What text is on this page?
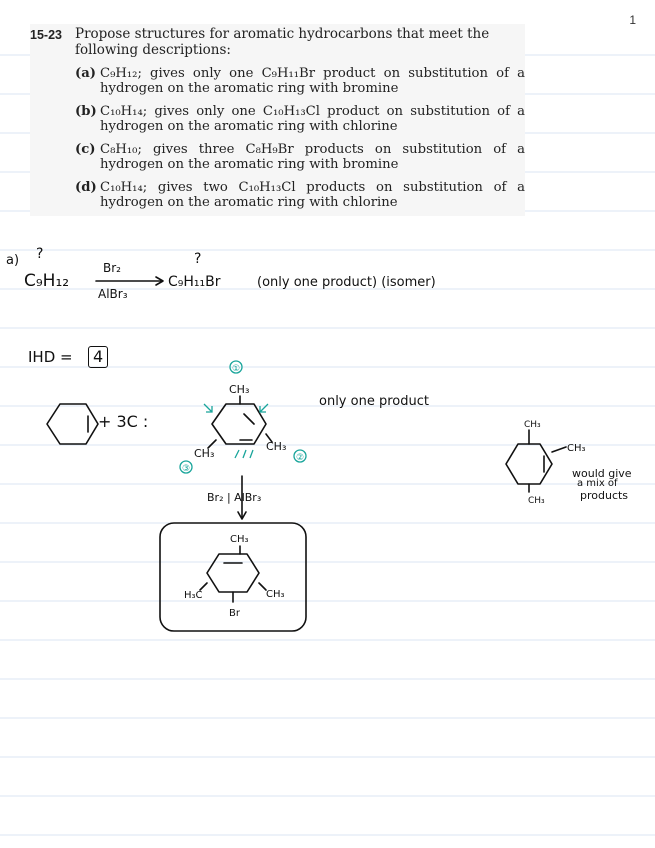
1
15-23 Propose structures for aromatic hydrocarbons that meet the following descriptions:
(a) C₉H₁₂; gives only one C₉H₁₁Br product on substitution of a hydrogen on the aromatic ring with bromine
(b) C₁₀H₁₄; gives only one C₁₀H₁₃Cl product on substitution of a hydrogen on the aromatic ring with chlorine
(c) C₈H₁₀; gives three C₈H₉Br products on substitution of a hydrogen on the aromatic ring with bromine
(d) C₁₀H₁₄; gives two C₁₀H₁₃Cl products on substitution of a hydrogen on the aromatic ring with chlorine
a) ?	?
C₉H₁₂
Br₂
AlBr₃
C₉H₁₁Br	(only one product) (isomer)
IHD =	4
+ 3C :
only one product
Br₂ | AlBr₃
would give
a mix of
products
CH₃
CH₃
CH₃
①
②
③
CH₃
CH₃
H₃C
Br
CH₃
CH₃
CH₃
